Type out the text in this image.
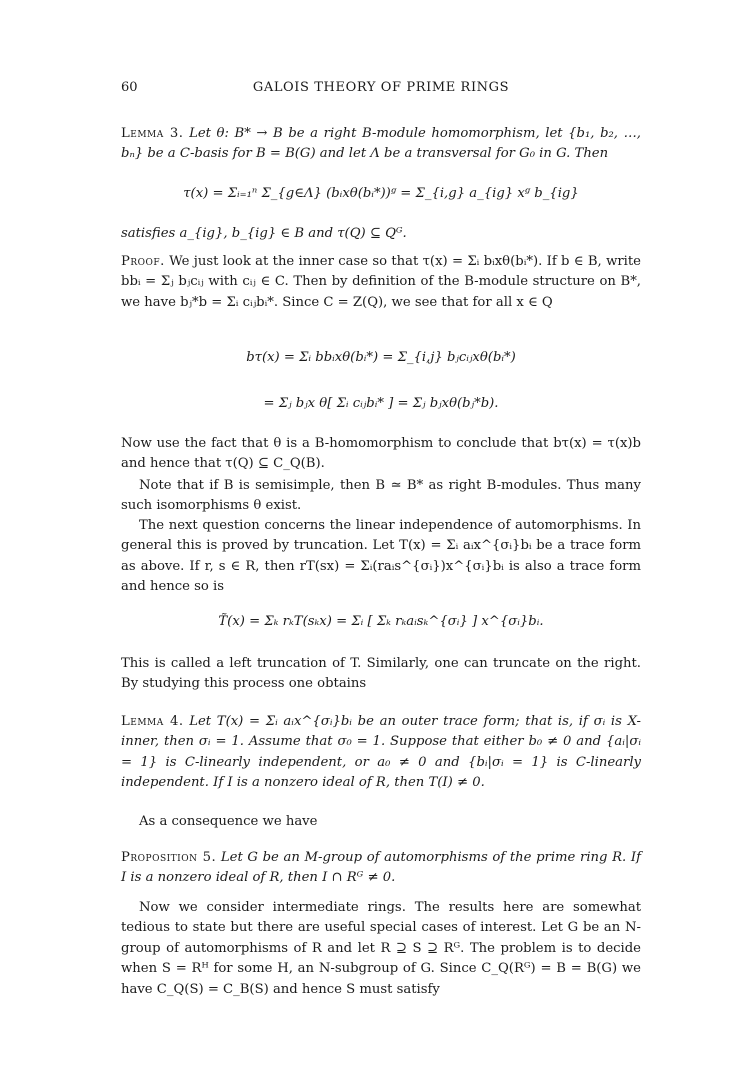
60	GALOIS THEORY OF PRIME RINGS
Lemma 3. Let θ: B* → B be a right B-module homomorphism, let {b₁, b₂, …, bₙ} be a C-basis for B = B(G) and let Λ be a transversal for G₀ in G. Then
τ(x) = Σᵢ₌₁ⁿ Σ_{g∈Λ} (bᵢxθ(bᵢ*))ᵍ = Σ_{i,g} a_{ig} xᵍ b_{ig}
satisfies a_{ig}, b_{ig} ∈ B and τ(Q) ⊆ Qᴳ.
Proof. We just look at the inner case so that τ(x) = Σᵢ bᵢxθ(bᵢ*). If b ∈ B, write bbᵢ = Σⱼ bⱼcᵢⱼ with cᵢⱼ ∈ C. Then by definition of the B-module structure on B*, we have bⱼ*b = Σᵢ cᵢⱼbᵢ*. Since C = Z(Q), we see that for all x ∈ Q
bτ(x) = Σᵢ bbᵢxθ(bᵢ*) = Σ_{i,j} bⱼcᵢⱼxθ(bᵢ*)
= Σⱼ bⱼx θ[ Σᵢ cᵢⱼbᵢ* ] = Σⱼ bⱼxθ(bⱼ*b).
Now use the fact that θ is a B-homomorphism to conclude that bτ(x) = τ(x)b and hence that τ(Q) ⊆ C_Q(B).
Note that if B is semisimple, then B ≃ B* as right B-modules. Thus many such isomorphisms θ exist.
The next question concerns the linear independence of automorphisms. In general this is proved by truncation. Let T(x) = Σᵢ aᵢx^{σᵢ}bᵢ be a trace form as above. If r, s ∈ R, then rT(sx) = Σᵢ(raᵢs^{σᵢ})x^{σᵢ}bᵢ is also a trace form and hence so is
T̃(x) = Σₖ rₖT(sₖx) = Σᵢ [ Σₖ rₖaᵢsₖ^{σᵢ} ] x^{σᵢ}bᵢ.
This is called a left truncation of T. Similarly, one can truncate on the right. By studying this process one obtains
Lemma 4. Let T(x) = Σᵢ aᵢx^{σᵢ}bᵢ be an outer trace form; that is, if σᵢ is X-inner, then σᵢ = 1. Assume that σ₀ = 1. Suppose that either b₀ ≠ 0 and {aᵢ|σᵢ = 1} is C-linearly independent, or a₀ ≠ 0 and {bᵢ|σᵢ = 1} is C-linearly independent. If I is a nonzero ideal of R, then T(I) ≠ 0.
As a consequence we have
Proposition 5. Let G be an M-group of automorphisms of the prime ring R. If I is a nonzero ideal of R, then I ∩ Rᴳ ≠ 0.
Now we consider intermediate rings. The results here are somewhat tedious to state but there are useful special cases of interest. Let G be an N-group of automorphisms of R and let R ⊇ S ⊇ Rᴳ. The problem is to decide when S = Rᴴ for some H, an N-subgroup of G. Since C_Q(Rᴳ) = B = B(G) we have C_Q(S) = C_B(S) and hence S must satisfy
